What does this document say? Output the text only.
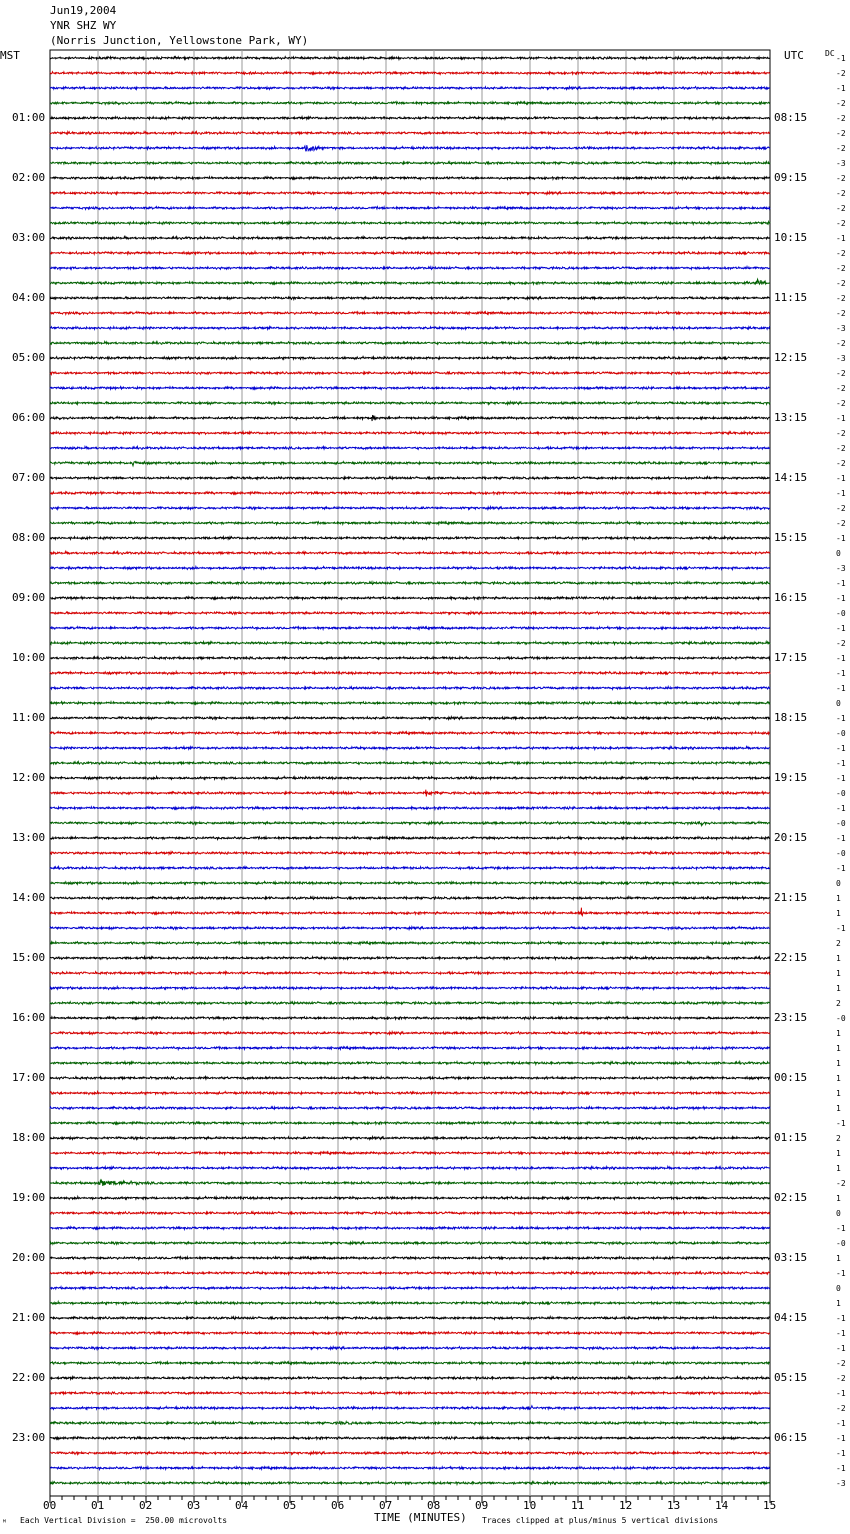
Jun19,2004
YNR SHZ WY
(Norris Junction, Yellowstone Park, WY)
MST	UTC	DC
01:00
02:00
03:00
04:00
05:00
06:00
07:00
08:00
09:00
10:00
11:00
12:00
13:00
14:00
15:00
16:00
17:00
18:00
19:00
20:00
21:00
22:00
23:00
08:15
09:15
10:15
11:15
12:15
13:15
14:15
15:15
16:15
17:15
18:15
19:15
20:15
21:15
22:15
23:15
00:15
01:15
02:15
03:15
04:15
05:15
06:15
-1
-2
-1
-2
-2
-2
-2
-3
-2
-2
-2
-2
-1
-2
-2
-2
-2
-2
-3
-2
-3
-2
-2
-2
-1
-2
-2
-2
-1
-1
-2
-2
-1
0
-3
-1
-1
-0
-1
-2
-1
-1
-1
0
-1
-0
-1
-1
-1
-0
-1
-0
-1
-0
-1
0
1
1
-1
2
1
1
1
2
-0
1
1
1
1
1
1
-1
2
1
1
-2
1
0
-1
-0
1
-1
0
1
-1
-1
-1
-2
-2
-1
-2
-1
-1
-1
-1
-3
00	01	02	03	04	05	06	07	08	09	10	11	12	13	14	15
Each Vertical Division =  250.00 microvolts	TIME (MINUTES) Traces clipped at plus/minus 5 vertical divisions
ᴹ
